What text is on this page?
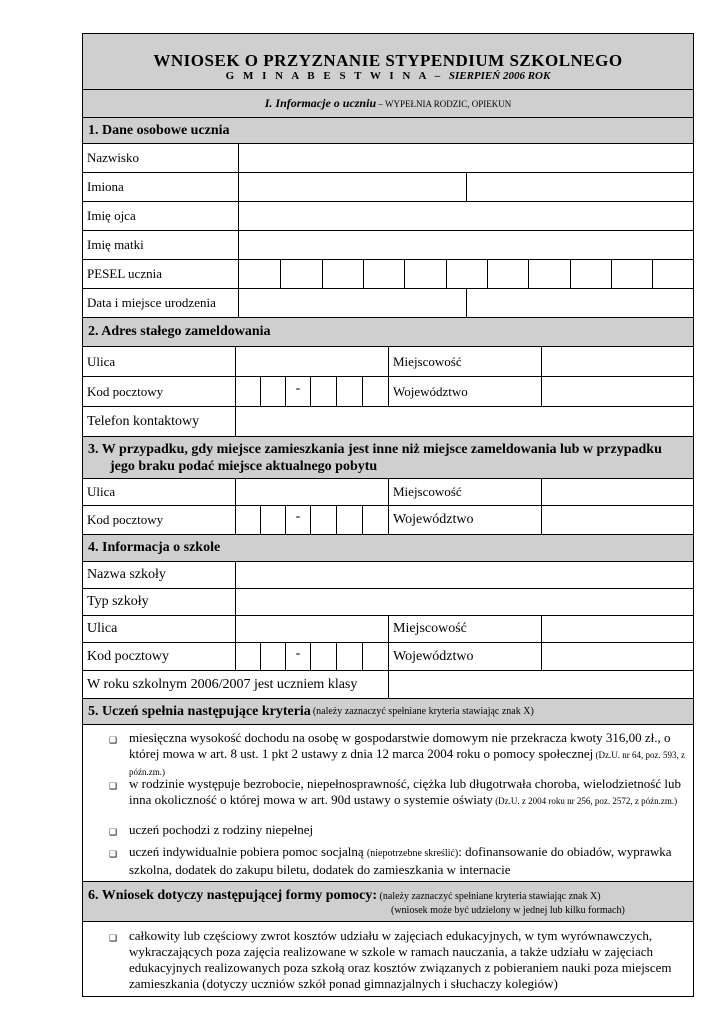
WNIOSEK O PRZYZNANIE STYPENDIUM SZKOLNEGO
G M I N A B E S T W I N A – SIERPIEŃ 2006 ROK
I. Informacje o uczniu – WYPEŁNIA RODZIC, OPIEKUN
1. Dane osobowe ucznia
Nazwisko
Imiona
Imię ojca
Imię matki
PESEL ucznia
Data i miejsce urodzenia
2. Adres stałego zameldowania
Ulica	Miejscowość
Kod pocztowy	-	Województwo
Telefon kontaktowy
3. W przypadku, gdy miejsce zamieszkania jest inne niż miejsce zameldowania lub w przypadku
jego braku podać miejsce aktualnego pobytu
Ulica	Miejscowość
Kod pocztowy	-	Województwo
4. Informacja o szkole
Nazwa szkoły
Typ szkoły
Ulica	Miejscowość
Kod pocztowy	-	Województwo
W roku szkolnym 2006/2007 jest uczniem klasy
5. Uczeń spełnia następujące kryteria (należy zaznaczyć spełniane kryteria stawiając znak X)
❑ miesięczna wysokość dochodu na osobę w gospodarstwie domowym nie przekracza kwoty 316,00 zł., o której mowa w art. 8 ust. 1 pkt 2 ustawy z dnia 12 marca 2004 roku o pomocy społecznej (Dz.U. nr 64, poz. 593, z późn.zm.)
❑ w rodzinie występuje bezrobocie, niepełnosprawność, ciężka lub długotrwała choroba, wielodzietność lub inna okoliczność o której mowa w art. 90d ustawy o systemie oświaty (Dz.U. z 2004 roku nr 256, poz. 2572, z późn.zm.)
❑ uczeń pochodzi z rodziny niepełnej
❑ uczeń indywidualnie pobiera pomoc socjalną (niepotrzebne skreślić): dofinansowanie do obiadów, wyprawka szkolna, dodatek do zakupu biletu, dodatek do zamieszkania w internacie
6. Wniosek dotyczy następującej formy pomocy: (należy zaznaczyć spełniane kryteria stawiając znak X)
(wniosek może być udzielony w jednej lub kilku formach)
❑ całkowity lub częściowy zwrot kosztów udziału w zajęciach edukacyjnych, w tym wyrównawczych, wykraczających poza zajęcia realizowane w szkole w ramach nauczania, a także udziału w zajęciach edukacyjnych realizowanych poza szkołą oraz kosztów związanych z pobieraniem nauki poza miejscem zamieszkania (dotyczy uczniów szkół ponad gimnazjalnych i słuchaczy kolegiów)
